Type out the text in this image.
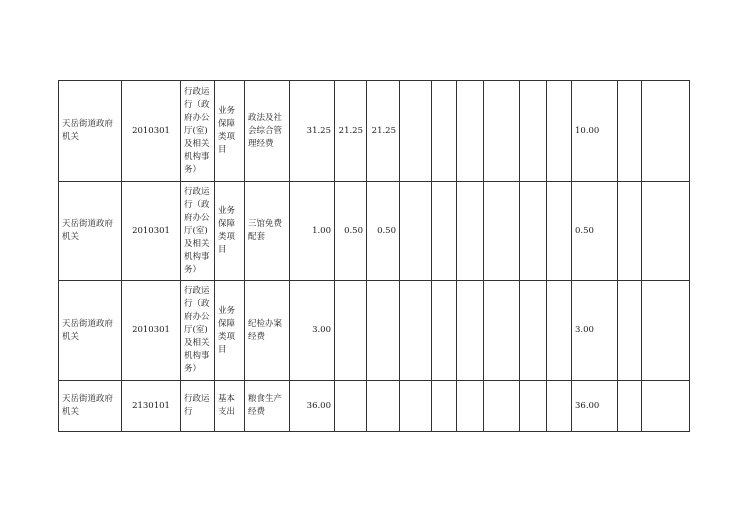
天岳街道政府机关	2010301	行政运行（政府办公厅(室)及相关机构事务）	业务保障类项目	政法及社会综合管理经费	31.25	21.25	21.25							10.00		
天岳街道政府机关	2010301	行政运行（政府办公厅(室)及相关机构事务）	业务保障类项目	三馆免费配套	1.00	0.50	0.50							0.50		
天岳街道政府机关	2010301	行政运行（政府办公厅(室)及相关机构事务）	业务保障类项目	纪检办案经费	3.00									3.00		
天岳街道政府机关	2130101	行政运行	基本支出	粮食生产经费	36.00									36.00		
